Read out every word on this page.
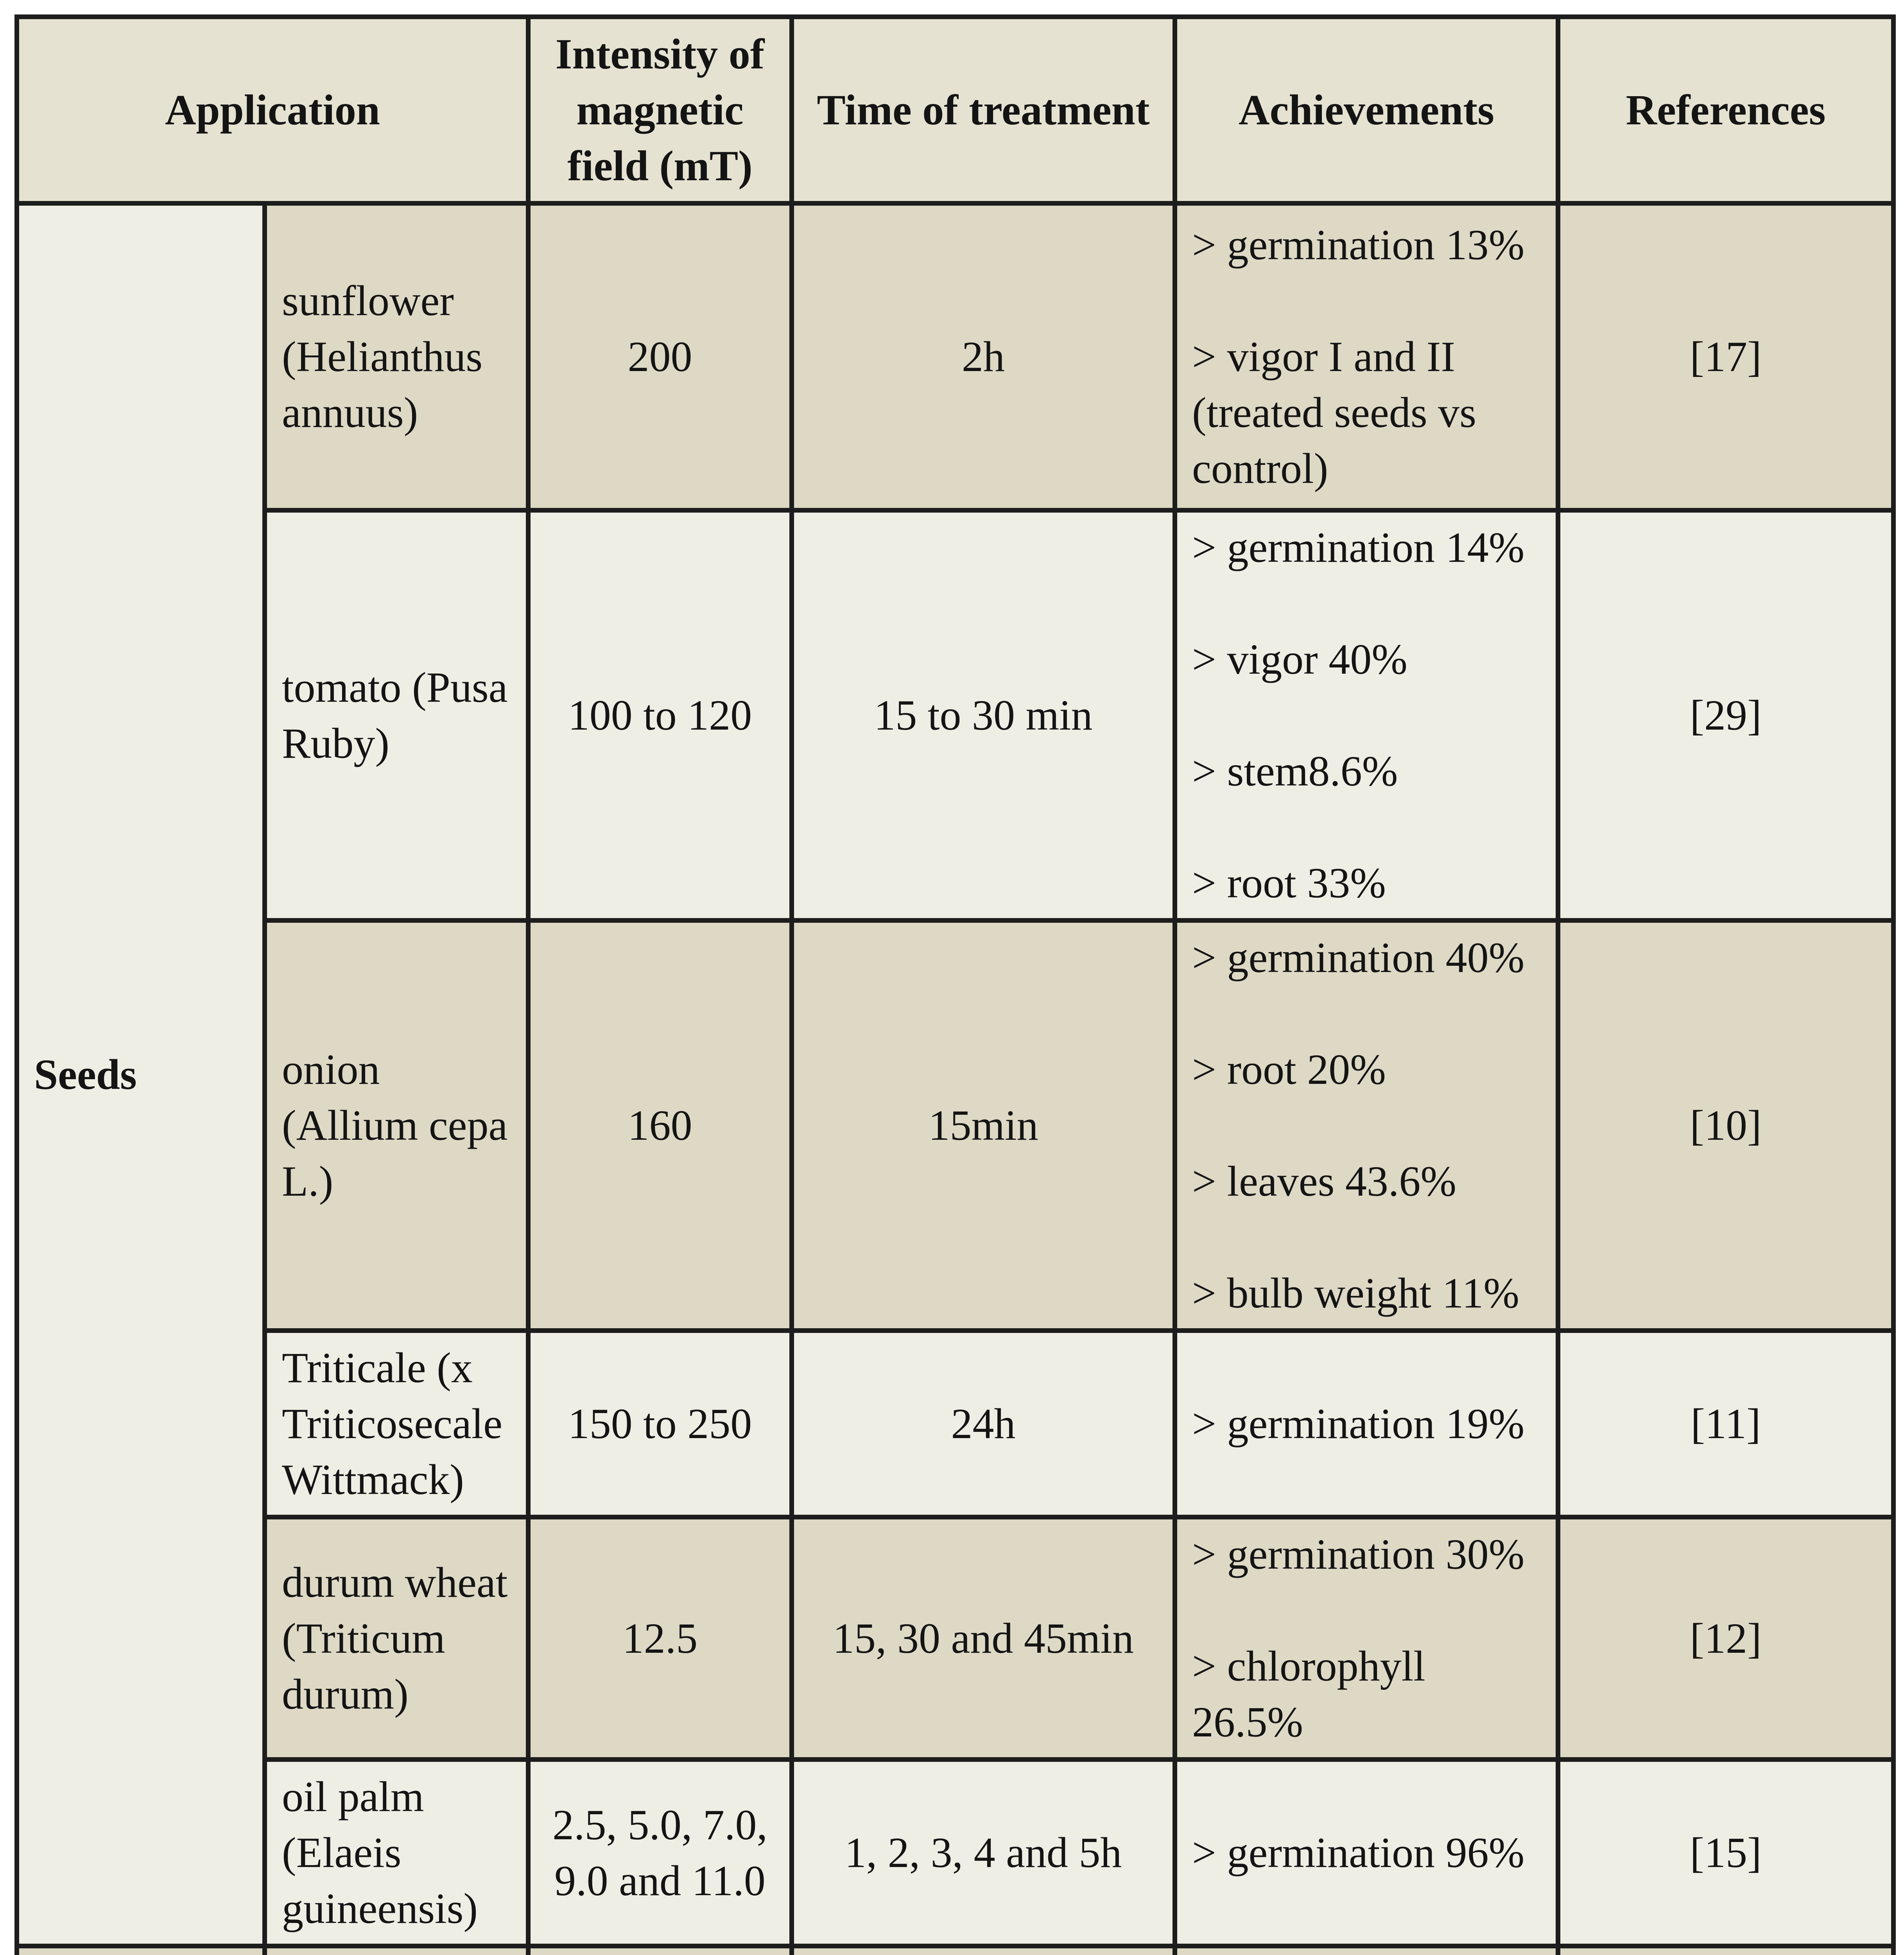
Application		Intensity of magnetic field (mT)	Time of treatment	Achievements	References
Seeds	sunflower (Helianthus annuus)	200	2h	> germination 13%

> vigor I and II (treated seeds vs control)	[17]
	tomato (Pusa Ruby)	100 to 120	15 to 30 min	> germination 14%

> vigor 40%

> stem8.6%

> root 33%	[29]
	onion (Allium cepa L.)	160	15min	> germination 40%

> root 20%

> leaves 43.6%

> bulb weight 11%	[10]
	Triticale (x Triticosecale Wittmack)	150 to 250	24h	> germination 19%	[11]
	durum wheat (Triticum durum)	12.5	15, 30 and 45min	> germination 30%

> chlorophyll 26.5%	[12]
	oil palm (Elaeis guineensis)	2.5, 5.0, 7.0, 9.0 and 11.0	1, 2, 3, 4 and 5h	> germination 96%	[15]
